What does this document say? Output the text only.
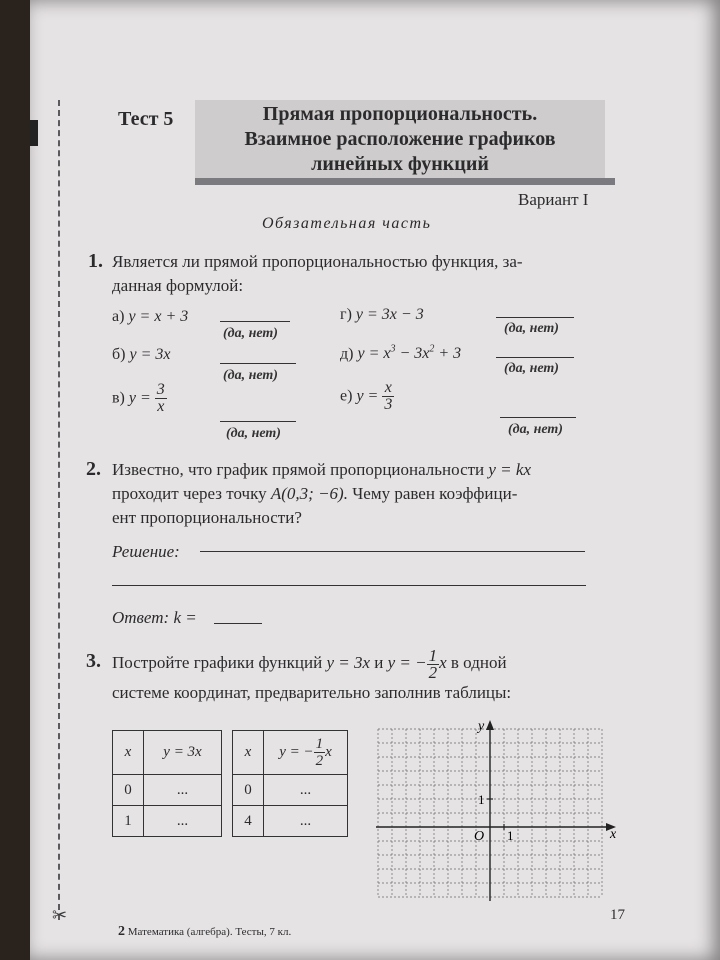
✂
Тест 5	Прямая пропорциональность.
Взаимное расположение графиков
линейных функций
Вариант I
Обязательная часть
1. Является ли прямой пропорциональностью функция, за-
данная формулой:
а) y = x + 3
(да, нет)
б) y = 3x
(да, нет)
в) $y = \frac{3}{x}$
(да, нет)
г) y = 3x − 3
(да, нет)
д) $y = x^3 - 3x^2 + 3$
(да, нет)
е) $y = \frac{x}{3}$
(да, нет)
2. Известно, что график прямой пропорциональности y = kx
проходит через точку A(0,3; −6). Чему равен коэффици-
ент пропорциональности?
Решение:
Ответ: k =
3. Постройте графики функций y = 3x и y = − $\frac{1}{2}$ x в одной
системе координат, предварительно заполнив таблицы:
x	y = 3x
0	...
1	...
x	y = − $\frac{1}{2}$ x
0	...
4	...
y
x
O 1
1
17
2 Математика (алгебра). Тесты, 7 кл.
